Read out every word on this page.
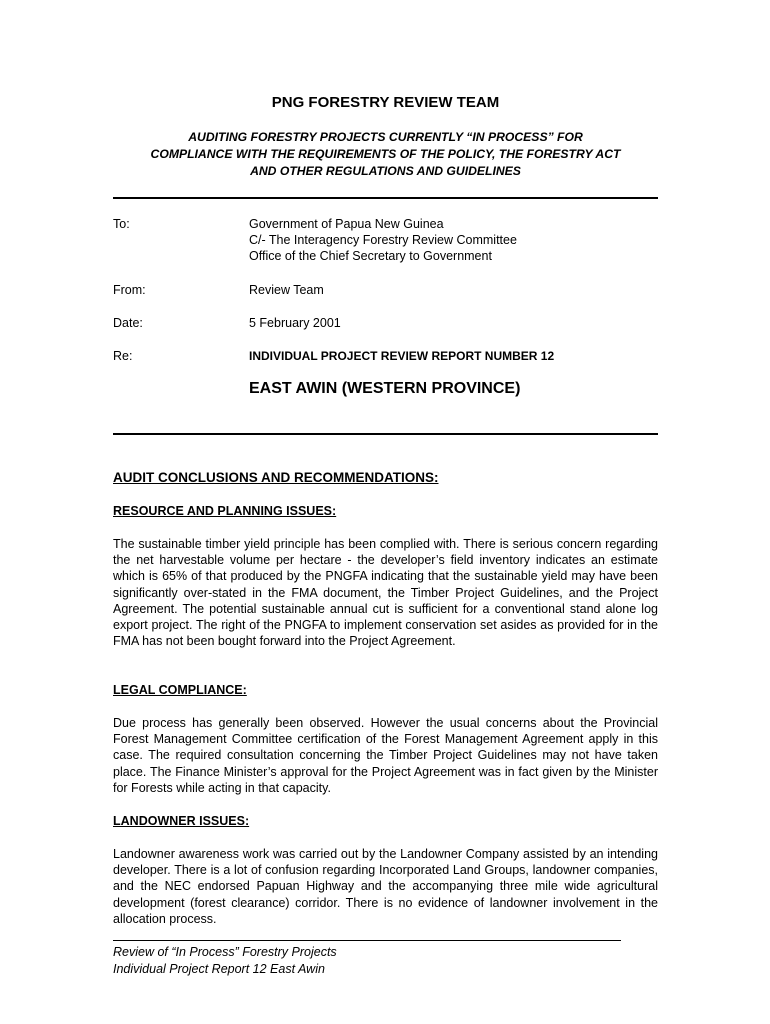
PNG FORESTRY REVIEW TEAM

AUDITING FORESTRY PROJECTS CURRENTLY “IN PROCESS” FOR
COMPLIANCE WITH THE REQUIREMENTS OF THE POLICY, THE FORESTRY ACT
AND OTHER REGULATIONS AND GUIDELINES

To:	Government of Papua New Guinea
C/- The Interagency Forestry Review Committee
Office of the Chief Secretary to Government
From:	Review Team
Date:	5 February 2001
Re:	INDIVIDUAL PROJECT REVIEW REPORT NUMBER 12
EAST AWIN (WESTERN PROVINCE)
AUDIT CONCLUSIONS AND RECOMMENDATIONS:
RESOURCE AND PLANNING ISSUES:

The sustainable timber yield principle has been complied with. There is serious concern regarding the net harvestable volume per hectare - the developer’s field inventory indicates an estimate which is 65% of that produced by the PNGFA indicating that the sustainable yield may have been significantly over-stated in the FMA document, the Timber Project Guidelines, and the Project Agreement. The potential sustainable annual cut is sufficient for a conventional stand alone log export project. The right of the PNGFA to implement conservation set asides as provided for in the FMA has not been bought forward into the Project Agreement.

LEGAL COMPLIANCE:

Due process has generally been observed. However the usual concerns about the Provincial Forest Management Committee certification of the Forest Management Agreement apply in this case. The required consultation concerning the Timber Project Guidelines may not have taken place. The Finance Minister’s approval for the Project Agreement was in fact given by the Minister for Forests while acting in that capacity.

LANDOWNER ISSUES:

Landowner awareness work was carried out by the Landowner Company assisted by an intending developer. There is a lot of confusion regarding Incorporated Land Groups, landowner companies, and the NEC endorsed Papuan Highway and the accompanying three mile wide agricultural development (forest clearance) corridor. There is no evidence of landowner involvement in the allocation process.

Review of “In Process” Forestry Projects
Individual Project Report 12 East Awin
